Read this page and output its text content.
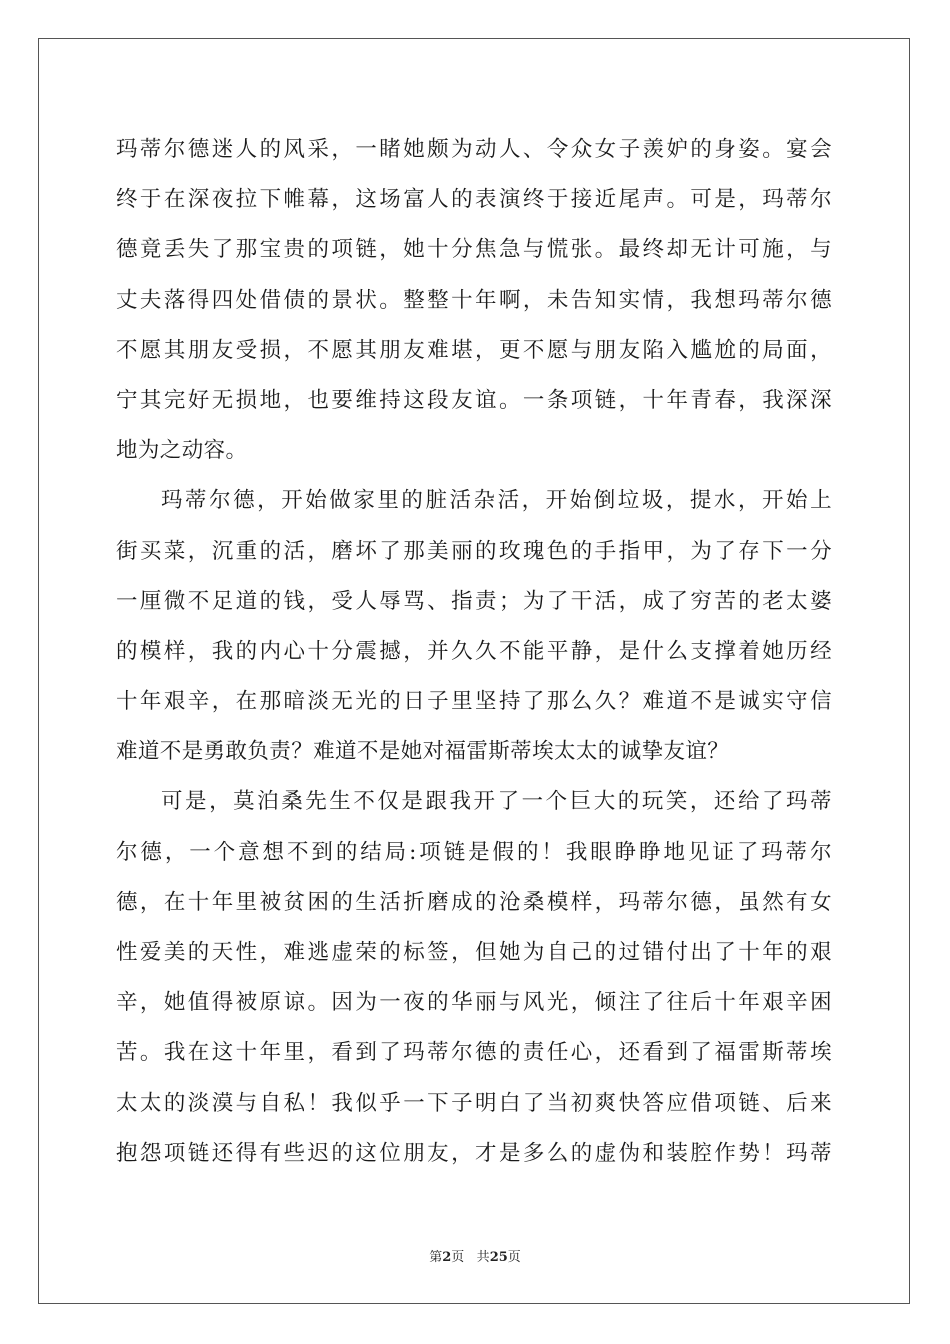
玛蒂尔德迷人的风采，一睹她颇为动人、令众女子羡妒的身姿。宴会
终于在深夜拉下帷幕，这场富人的表演终于接近尾声。可是，玛蒂尔
德竟丢失了那宝贵的项链，她十分焦急与慌张。最终却无计可施，与
丈夫落得四处借债的景状。整整十年啊，未告知实情，我想玛蒂尔德
不愿其朋友受损，不愿其朋友难堪，更不愿与朋友陷入尴尬的局面，
宁其完好无损地，也要维持这段友谊。一条项链，十年青春，我深深
地为之动容。
玛蒂尔德，开始做家里的脏活杂活，开始倒垃圾，提水，开始上
街买菜，沉重的活，磨坏了那美丽的玫瑰色的手指甲，为了存下一分
一厘微不足道的钱，受人辱骂、指责；为了干活，成了穷苦的老太婆
的模样，我的内心十分震撼，并久久不能平静，是什么支撑着她历经
十年艰辛，在那暗淡无光的日子里坚持了那么久？难道不是诚实守信
难道不是勇敢负责？难道不是她对福雷斯蒂埃太太的诚挚友谊？
可是，莫泊桑先生不仅是跟我开了一个巨大的玩笑，还给了玛蒂
尔德，一个意想不到的结局:项链是假的！我眼睁睁地见证了玛蒂尔
德，在十年里被贫困的生活折磨成的沧桑模样，玛蒂尔德，虽然有女
性爱美的天性，难逃虚荣的标签，但她为自己的过错付出了十年的艰
辛，她值得被原谅。因为一夜的华丽与风光，倾注了往后十年艰辛困
苦。我在这十年里，看到了玛蒂尔德的责任心，还看到了福雷斯蒂埃
太太的淡漠与自私！我似乎一下子明白了当初爽快答应借项链、后来
抱怨项链还得有些迟的这位朋友，才是多么的虚伪和装腔作势！玛蒂
第2页 共25页
